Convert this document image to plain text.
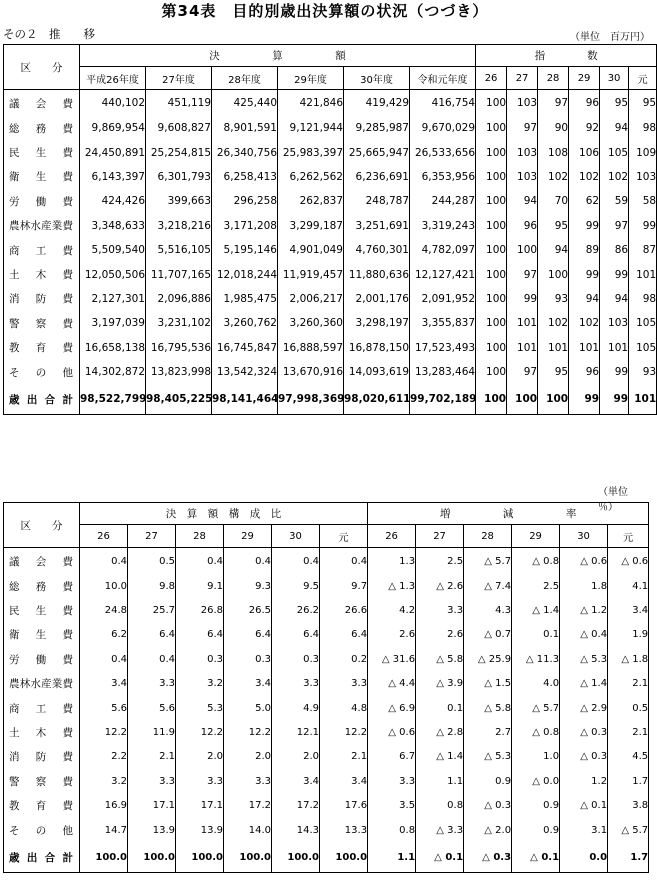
第34表　目的別歳出決算額の状況（つづき）
その２　推　　移	（単位　百万円）
区　　分	決　　　　　算　　　　　額						指　　　　数					
	平成26年度	27年度	28年度	29年度	30年度	令和元年度	26	27	28	29	30	元
議会費	440,102	451,119	425,440	421,846	419,429	416,754	100	103	97	96	95	95
総務費	9,869,954	9,608,827	8,901,591	9,121,944	9,285,987	9,670,029	100	97	90	92	94	98
民生費	24,450,891	25,254,815	26,340,756	25,983,397	25,665,947	26,533,656	100	103	108	106	105	109
衛生費	6,143,397	6,301,793	6,258,413	6,262,562	6,236,691	6,353,956	100	103	102	102	102	103
労働費	424,426	399,663	296,258	262,837	248,787	244,287	100	94	70	62	59	58
農林水産業費	3,348,633	3,218,216	3,171,208	3,299,187	3,251,691	3,319,243	100	96	95	99	97	99
商工費	5,509,540	5,516,105	5,195,146	4,901,049	4,760,301	4,782,097	100	100	94	89	86	87
土木費	12,050,506	11,707,165	12,018,244	11,919,457	11,880,636	12,127,421	100	97	100	99	99	101
消防費	2,127,301	2,096,886	1,985,475	2,006,217	2,001,176	2,091,952	100	99	93	94	94	98
警察費	3,197,039	3,231,102	3,260,762	3,260,360	3,298,197	3,355,837	100	101	102	102	103	105
教育費	16,658,138	16,795,536	16,745,847	16,888,597	16,878,150	17,523,493	100	101	101	101	101	105
その他	14,302,872	13,823,998	13,542,324	13,670,916	14,093,619	13,283,464	100	97	95	96	99	93
歳出合計	98,522,799	98,405,225	98,141,464	97,998,369	98,020,611	99,702,189	100	100	100	99	99	101
（単位　％）
区　　分	決　算　額　構　成　比						増　　　　　減　　　　　率					
	26	27	28	29	30	元	26	27	28	29	30	元
議会費	0.4	0.5	0.4	0.4	0.4	0.4	1.3	2.5	△ 5.7	△ 0.8	△ 0.6	△ 0.6
総務費	10.0	9.8	9.1	9.3	9.5	9.7	△ 1.3	△ 2.6	△ 7.4	2.5	1.8	4.1
民生費	24.8	25.7	26.8	26.5	26.2	26.6	4.2	3.3	4.3	△ 1.4	△ 1.2	3.4
衛生費	6.2	6.4	6.4	6.4	6.4	6.4	2.6	2.6	△ 0.7	0.1	△ 0.4	1.9
労働費	0.4	0.4	0.3	0.3	0.3	0.2	△ 31.6	△ 5.8	△ 25.9	△ 11.3	△ 5.3	△ 1.8
農林水産業費	3.4	3.3	3.2	3.4	3.3	3.3	△ 4.4	△ 3.9	△ 1.5	4.0	△ 1.4	2.1
商工費	5.6	5.6	5.3	5.0	4.9	4.8	△ 6.9	0.1	△ 5.8	△ 5.7	△ 2.9	0.5
土木費	12.2	11.9	12.2	12.2	12.1	12.2	△ 0.6	△ 2.8	2.7	△ 0.8	△ 0.3	2.1
消防費	2.2	2.1	2.0	2.0	2.0	2.1	6.7	△ 1.4	△ 5.3	1.0	△ 0.3	4.5
警察費	3.2	3.3	3.3	3.3	3.4	3.4	3.3	1.1	0.9	△ 0.0	1.2	1.7
教育費	16.9	17.1	17.1	17.2	17.2	17.6	3.5	0.8	△ 0.3	0.9	△ 0.1	3.8
その他	14.7	13.9	13.9	14.0	14.3	13.3	0.8	△ 3.3	△ 2.0	0.9	3.1	△ 5.7
歳出合計	100.0	100.0	100.0	100.0	100.0	100.0	1.1	△ 0.1	△ 0.3	△ 0.1	0.0	1.7
